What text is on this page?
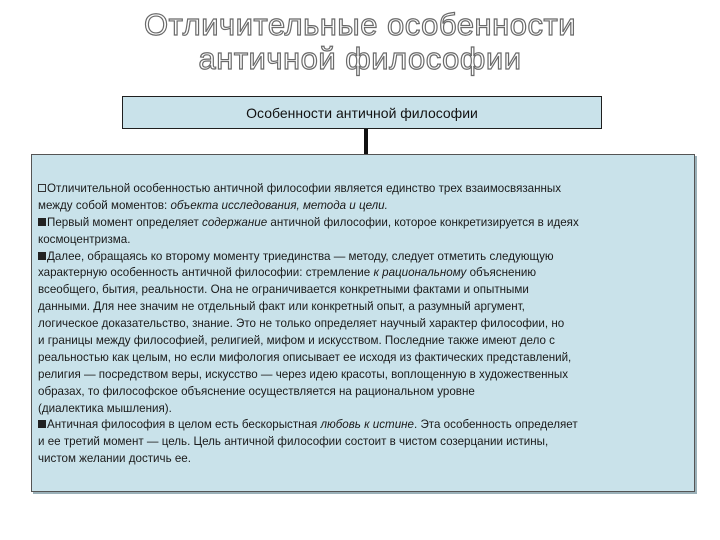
Отличительные особенности
античной философии
Особенности античной философии
Отличительной особенностью античной философии является единство трех взаимосвязанных
между собой моментов: объекта исследования, метода и цели.
Первый момент определяет содержание античной философии, которое конкретизируется в идеях
космоцентризма.
Далее, обращаясь ко второму моменту триединства — методу, следует отметить следующую
характерную особенность античной философии: стремление к рациональному объяснению
всеобщего, бытия, реальности. Она не ограничивается конкретными фактами и опытными
данными. Для нее значим не отдельный факт или конкретный опыт, а разумный аргумент,
логическое доказательство, знание. Это не только определяет научный характер философии, но
и границы между философией, религией, мифом и искусством. Последние также имеют дело с
реальностью как целым, но если мифология описывает ее исходя из фактических представлений,
религия — посредством веры, искусство — через идею красоты, воплощенную в художественных
образах, то философское объяснение осуществляется на рациональном уровне
(диалектика мышления).
Античная философия в целом есть бескорыстная любовь к истине. Эта особенность определяет
и ее третий момент — цель. Цель античной философии состоит в чистом созерцании истины,
чистом желании достичь ее.
